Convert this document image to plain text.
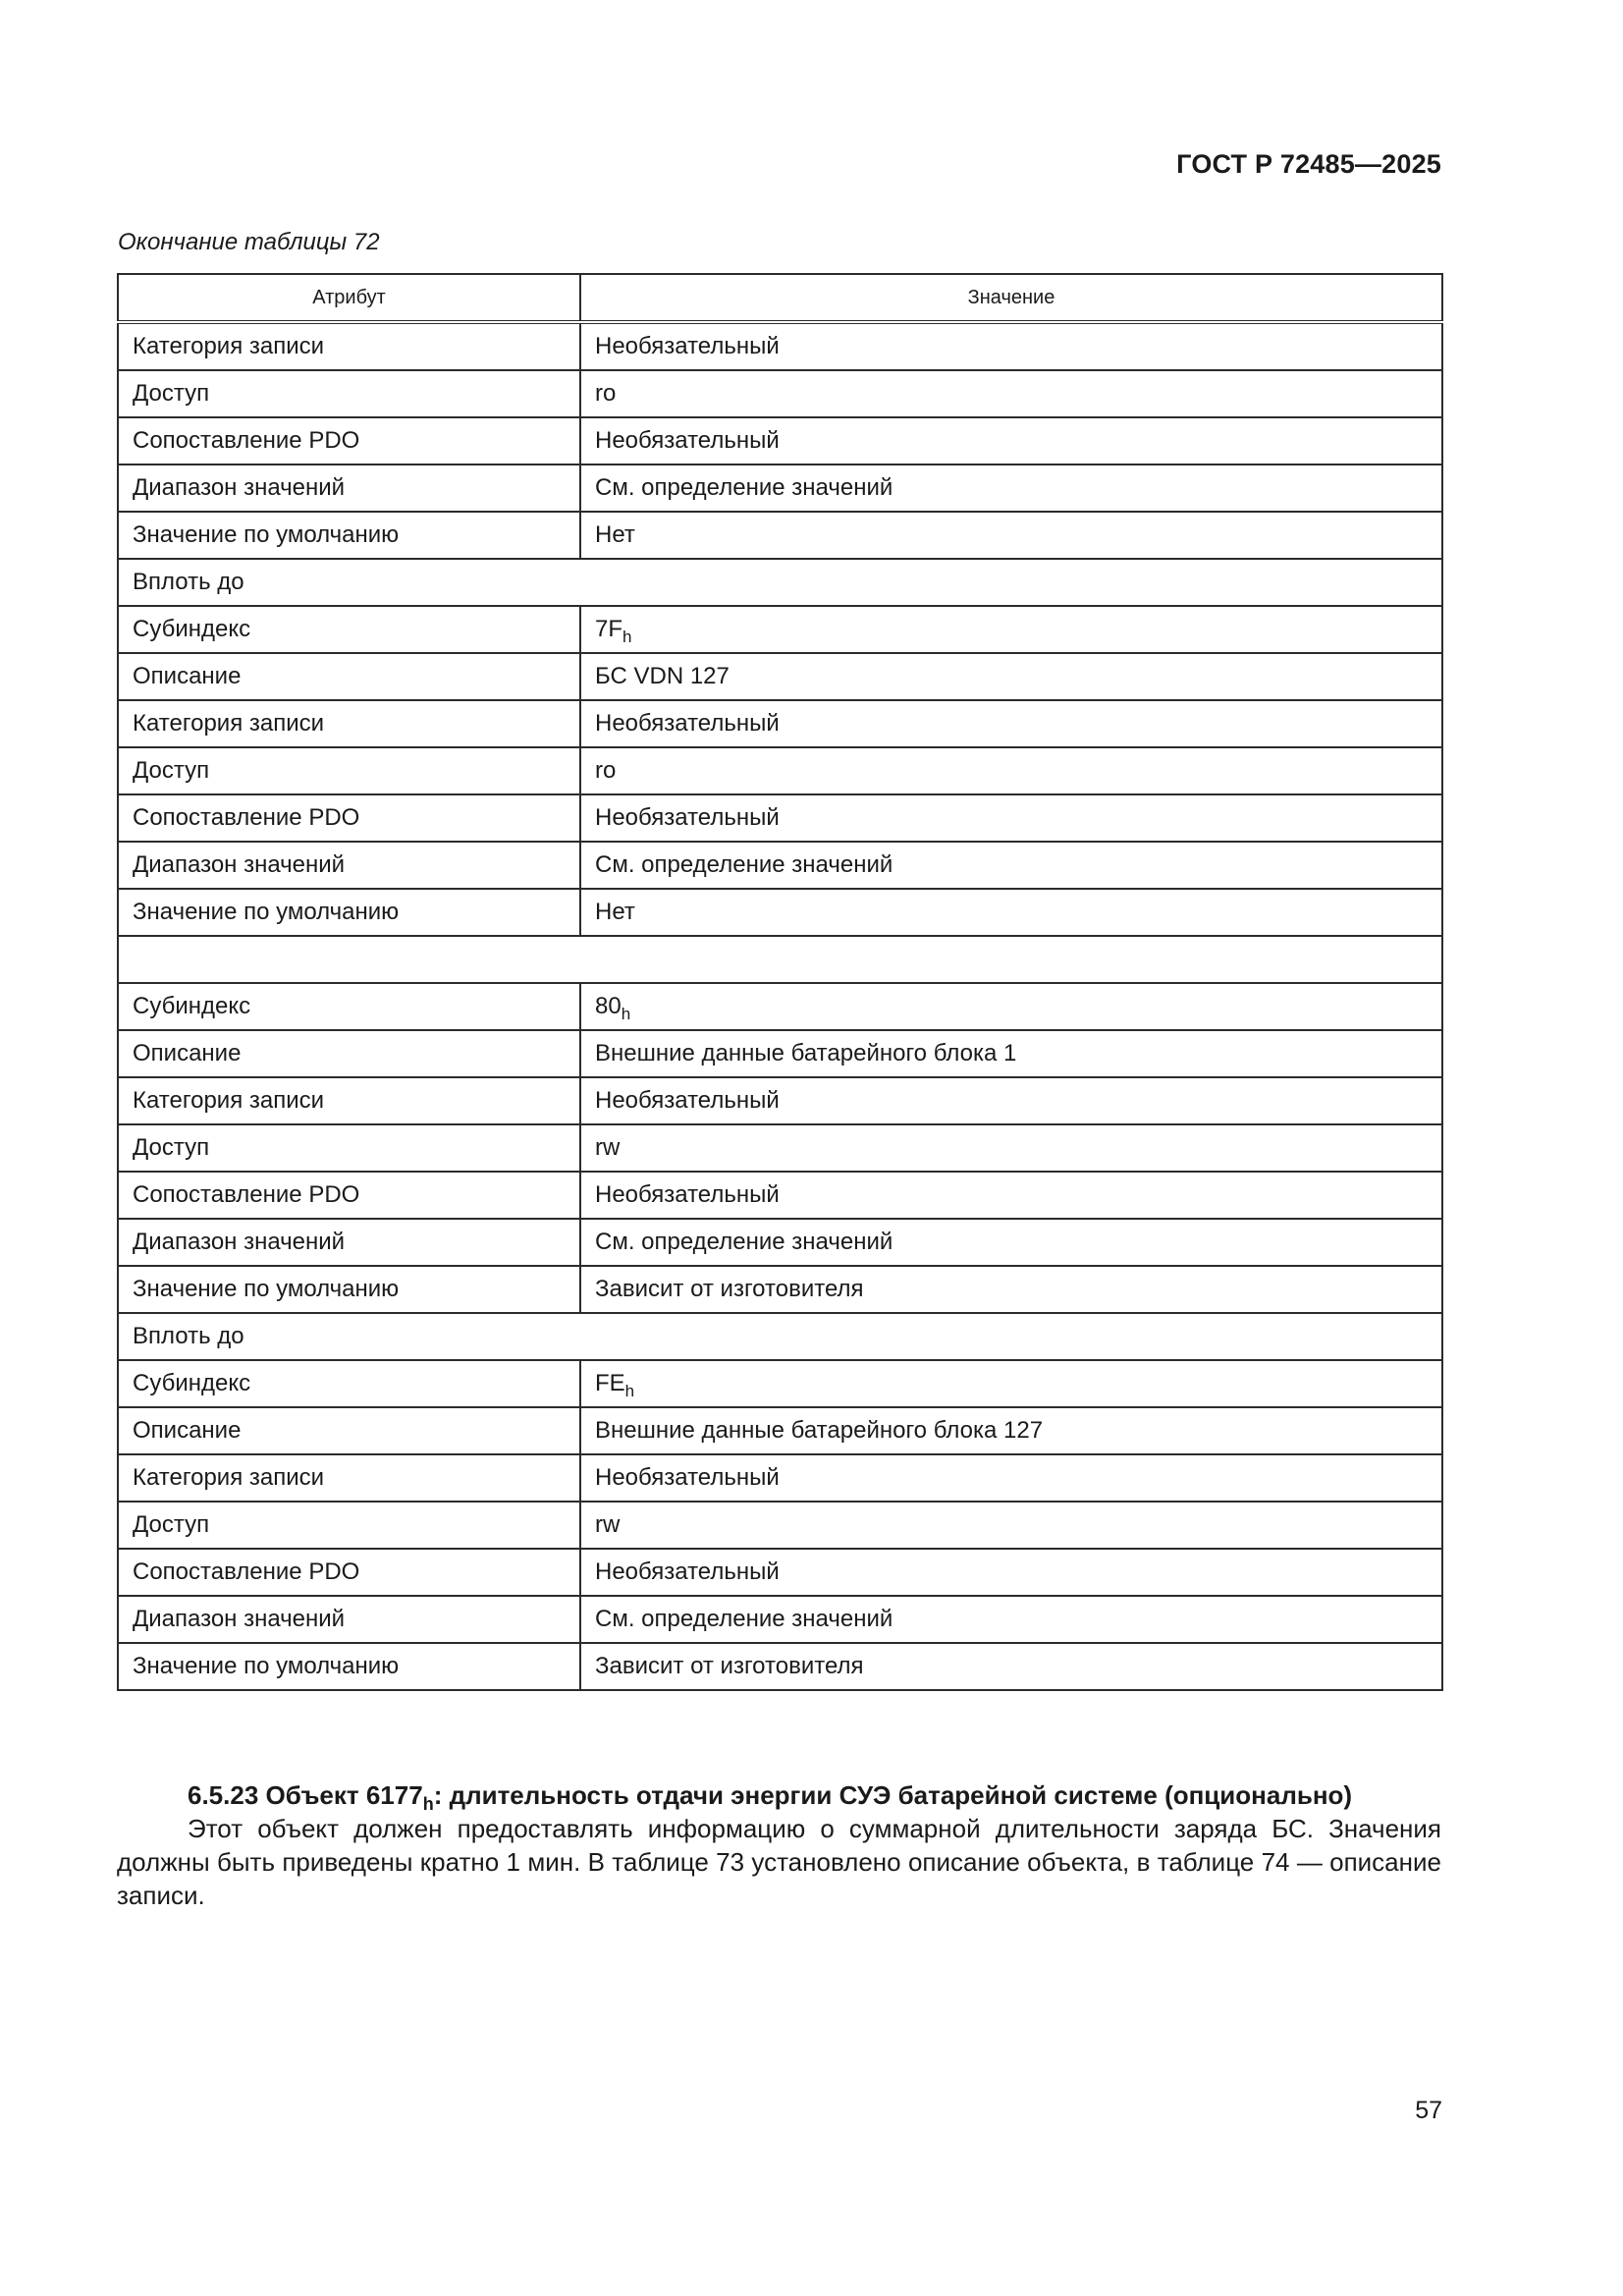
ГОСТ Р 72485—2025
Окончание таблицы 72
Атрибут	Значение
Категория записи	Необязательный
Доступ	ro
Сопоставление PDO	Необязательный
Диапазон значений	См. определение значений
Значение по умолчанию	Нет
Вплоть до	
Субиндекс	$7F_h$
Описание	БС VDN 127
Категория записи	Необязательный
Доступ	ro
Сопоставление PDO	Необязательный
Диапазон значений	См. определение значений
Значение по умолчанию	Нет

Субиндекс	$80_h$
Описание	Внешние данные батарейного блока 1
Категория записи	Необязательный
Доступ	rw
Сопоставление PDO	Необязательный
Диапазон значений	См. определение значений
Значение по умолчанию	Зависит от изготовителя
Вплоть до	
Субиндекс	$FE_h$
Описание	Внешние данные батарейного блока 127
Категория записи	Необязательный
Доступ	rw
Сопоставление PDO	Необязательный
Диапазон значений	См. определение значений
Значение по умолчанию	Зависит от изготовителя

6.5.23 Объект $6177_h$: длительность отдачи энергии СУЭ батарейной системе (опционально)

Этот объект должен предоставлять информацию о суммарной длительности заряда БС. Значения должны быть приведены кратно 1 мин. В таблице 73 установлено описание объекта, в таблице 74 — описание записи.

57
